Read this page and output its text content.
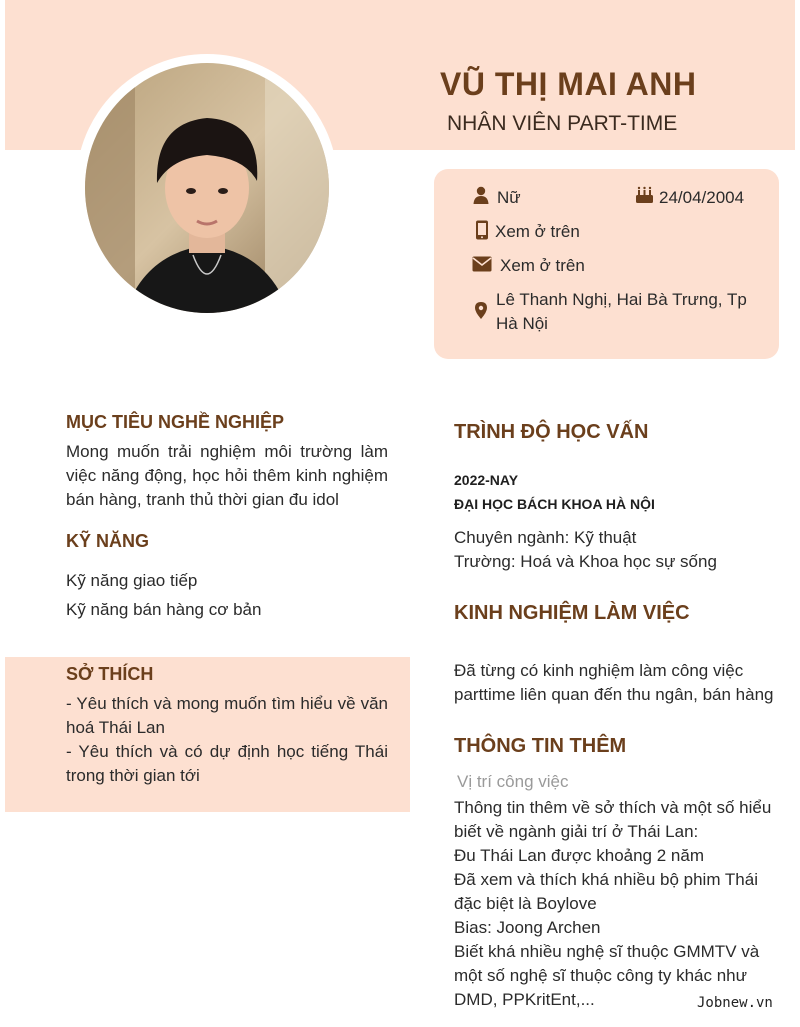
VŨ THỊ MAI ANH
NHÂN VIÊN PART-TIME
Nữ	24/04/2004
Xem ở trên
Xem ở trên
Lê Thanh Nghị, Hai Bà Trưng, Tp
Hà Nội
MỤC TIÊU NGHỀ NGHIỆP
Mong muốn trải nghiệm môi trường làm việc năng động, học hỏi thêm kinh nghiệm bán hàng, tranh thủ thời gian đu idol
KỸ NĂNG
Kỹ năng giao tiếp
Kỹ năng bán hàng cơ bản
SỞ THÍCH
- Yêu thích và mong muốn tìm hiểu về văn hoá Thái Lan
- Yêu thích và có dự định học tiếng Thái trong thời gian tới
TRÌNH ĐỘ HỌC VẤN
2022-NAY
ĐẠI HỌC BÁCH KHOA HÀ NỘI
Chuyên ngành: Kỹ thuật
Trường: Hoá và Khoa học sự sống
KINH NGHIỆM LÀM VIỆC
Đã từng có kinh nghiệm làm công việc parttime liên quan đến thu ngân, bán hàng
THÔNG TIN THÊM
Vị trí công việc
Thông tin thêm về sở thích và một số hiểu biết về ngành giải trí ở Thái Lan:
Đu Thái Lan được khoảng 2 năm
Đã xem và thích khá nhiều bộ phim Thái đặc biệt là Boylove
Bias: Joong Archen
Biết khá nhiều nghệ sĩ thuộc GMMTV và một số nghệ sĩ thuộc công ty khác như DMD, PPKritEnt,...	Jobnew.vn
